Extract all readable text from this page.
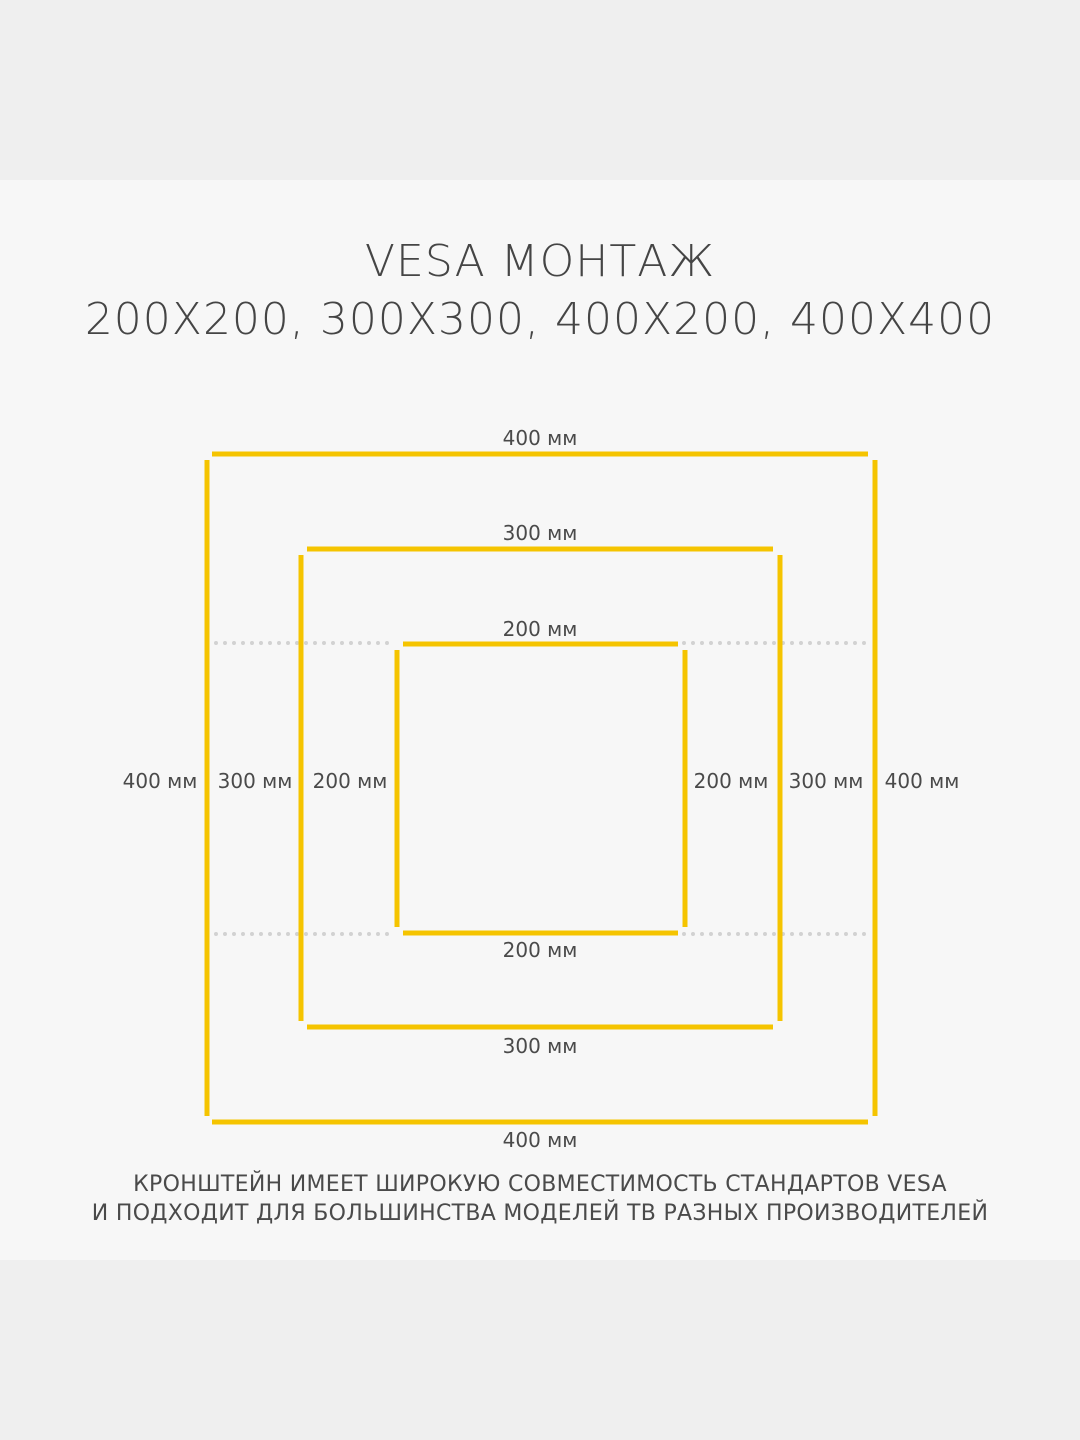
VESA МОНТАЖ
200X200, 300X300, 400X200, 400X400
400 мм
300 мм
200 мм
200 мм
300 мм
400 мм
400 мм 300 мм 200 мм	200 мм 300 мм 400 мм
КРОНШТЕЙН ИМЕЕТ ШИРОКУЮ СОВМЕСТИМОСТЬ СТАНДАРТОВ VESA
И ПОДХОДИТ ДЛЯ БОЛЬШИНСТВА МОДЕЛЕЙ ТВ РАЗНЫХ ПРОИЗВОДИТЕЛЕЙ
